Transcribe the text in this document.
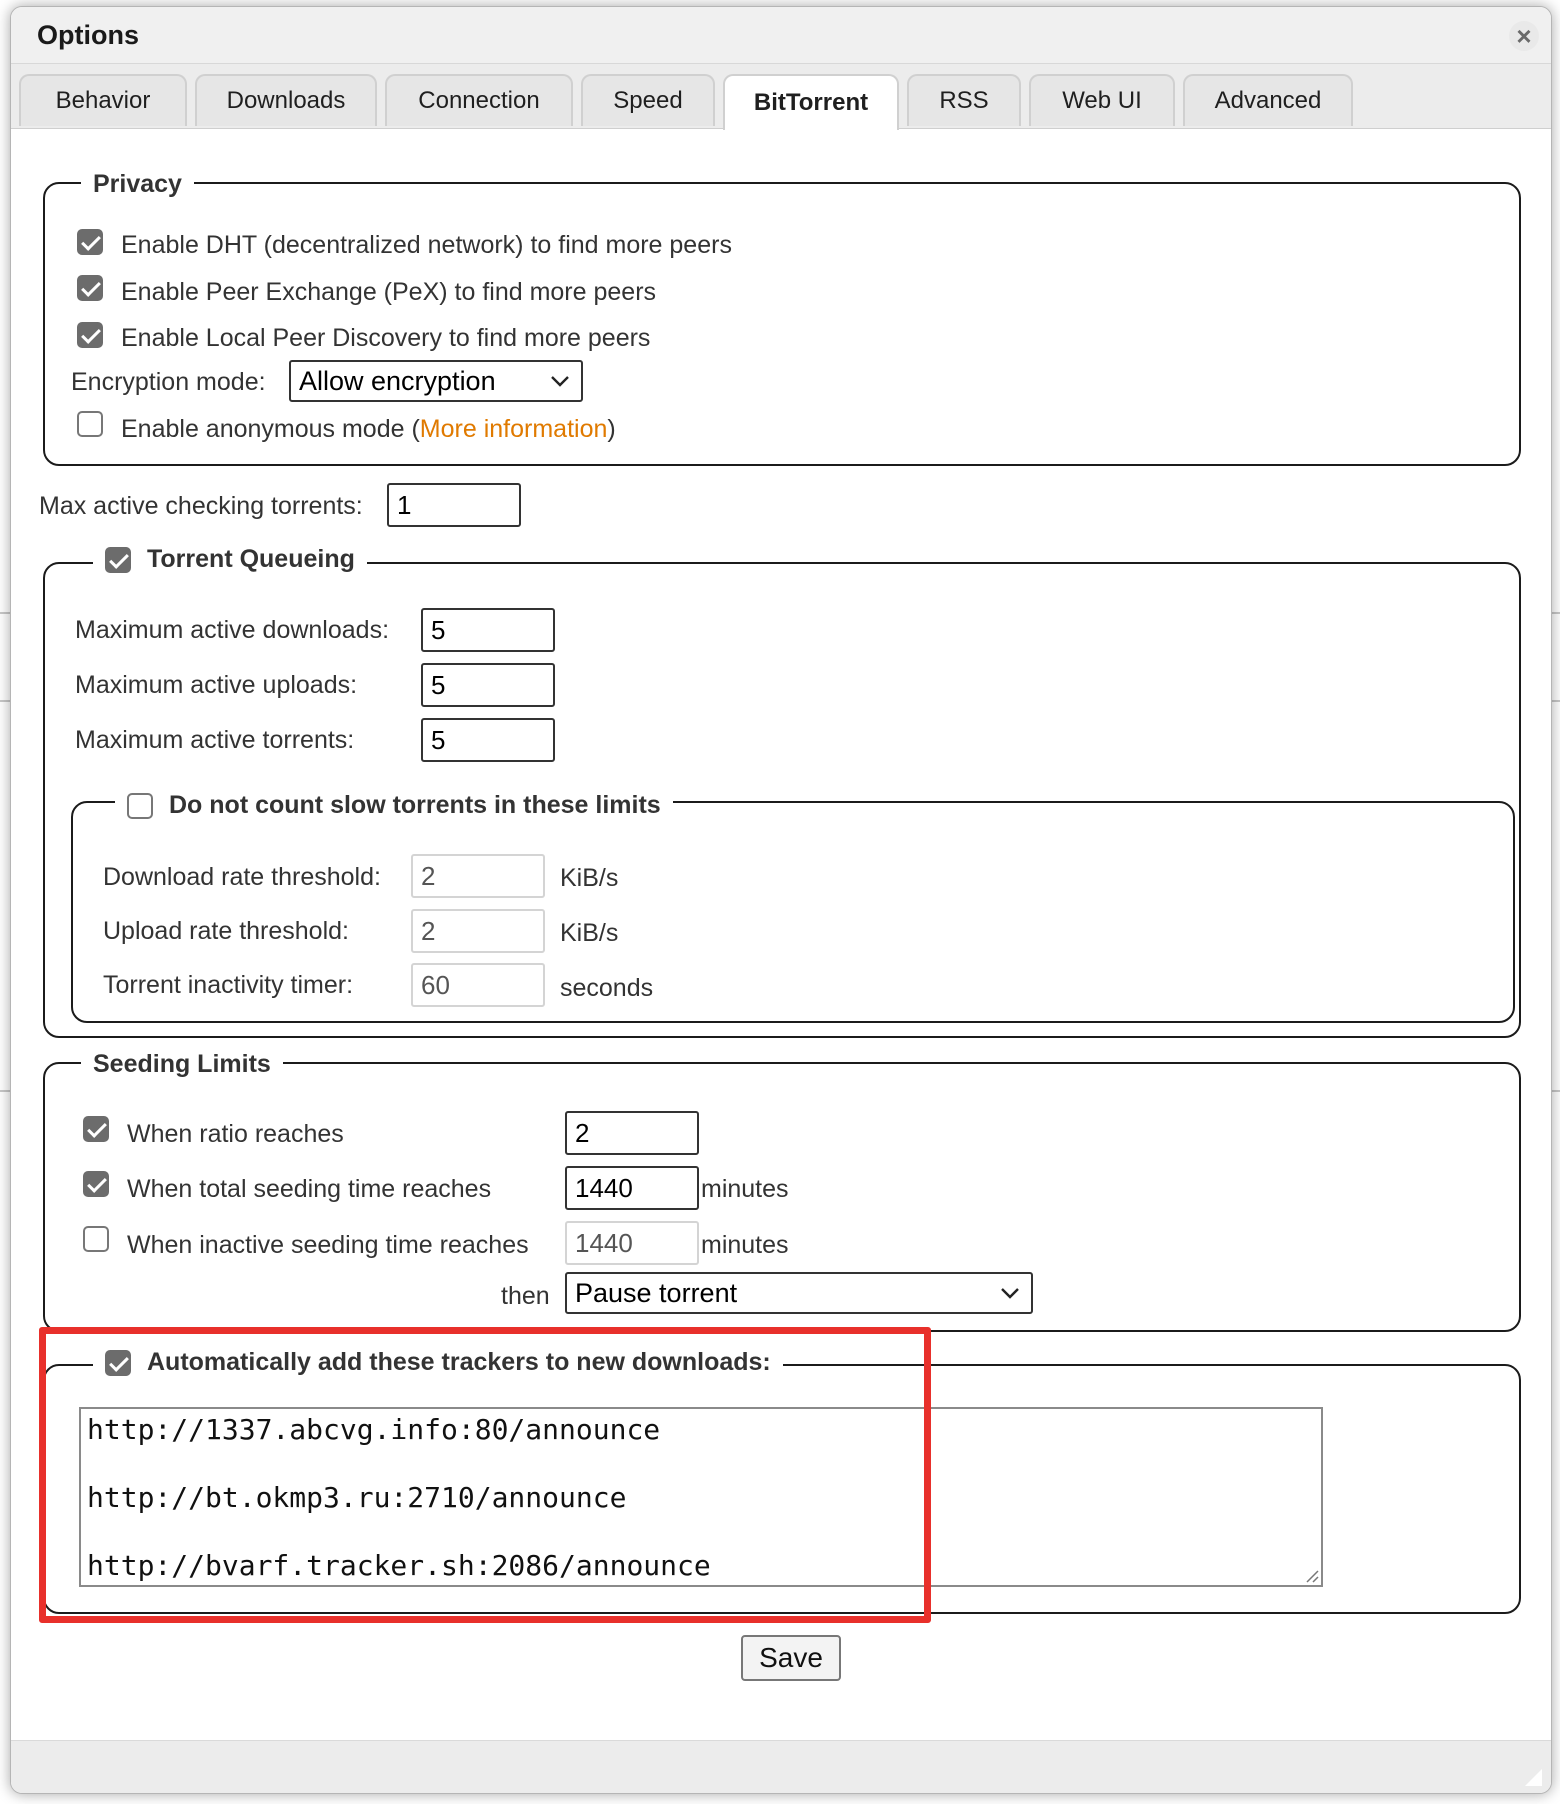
Options	×
Behavior	Downloads	Connection	Speed	BitTorrent	RSS	Web UI	Advanced
Privacy
Enable DHT (decentralized network) to find more peers
Enable Peer Exchange (PeX) to find more peers
Enable Local Peer Discovery to find more peers
Encryption mode: Allow encryption
Enable anonymous mode (More information)
Max active checking torrents:	1
Torrent Queueing
Maximum active downloads:	5
Maximum active uploads:	5
Maximum active torrents:	5
Do not count slow torrents in these limits
Download rate threshold:	2	KiB/s
Upload rate threshold:	2	KiB/s
Torrent inactivity timer:	60	seconds
Seeding Limits
When ratio reaches	2
When total seeding time reaches	1440	minutes
When inactive seeding time reaches	1440	minutes
then Pause torrent
Automatically add these trackers to new downloads:
http://1337.abcvg.info:80/announce
http://bt.okmp3.ru:2710/announce
http://bvarf.tracker.sh:2086/announce
Save
